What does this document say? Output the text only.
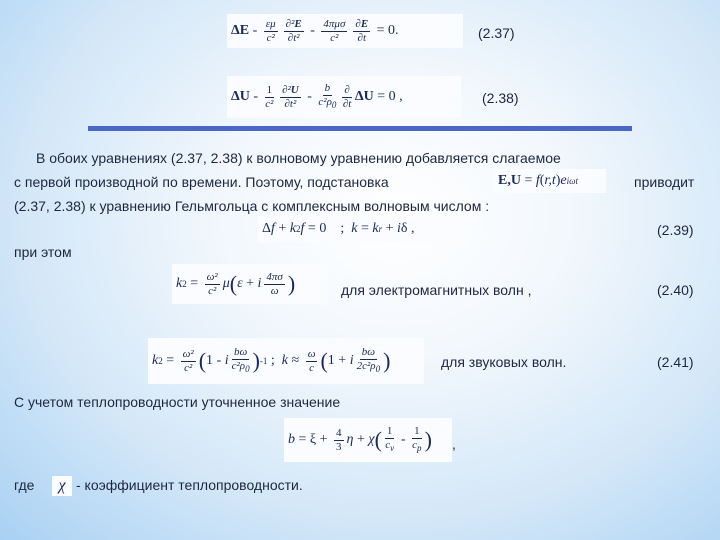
ΔE - εμ
c²
∂²E
∂t² - 4πμσ
c²
∂E
∂t = 0.	(2.37)
ΔU - 1
c²
∂²U
∂t² -
b
$c^2\rho_0$
∂
∂t ΔU = 0 ,	(2.38)
В обоих уравнениях (2.37, 2.38) к волновому уравнению добавляется слагаемое
с первой производной по времени. Поэтому, подстановка	E,U = f ( r,t ) e iωt	приводит
(2.37, 2.38) к уравнению Гельмгольца с комплексным волновым числом :
Δ f + k 2 f = 0    ; k = k r + i δ ,	(2.39)
при этом
k 2 = ω²
c² μ ( ε + i 4πσ
ω )	для электромагнитных волн ,	(2.40)
k 2 = ω²
c² ( 1 - i
bω
$c^2\rho_0$ ) -1 ; k ≈ ω
c ( 1 + i
bω
$2c^2\rho_0$ )	для звуковых волн.	(2.41)
С учетом теплопроводности уточненное значение
b = ξ + 4
3 η + χ ( 1
$c_v$
-
1
$c_p$ ) ,
где χ - коэффициент теплопроводности.
